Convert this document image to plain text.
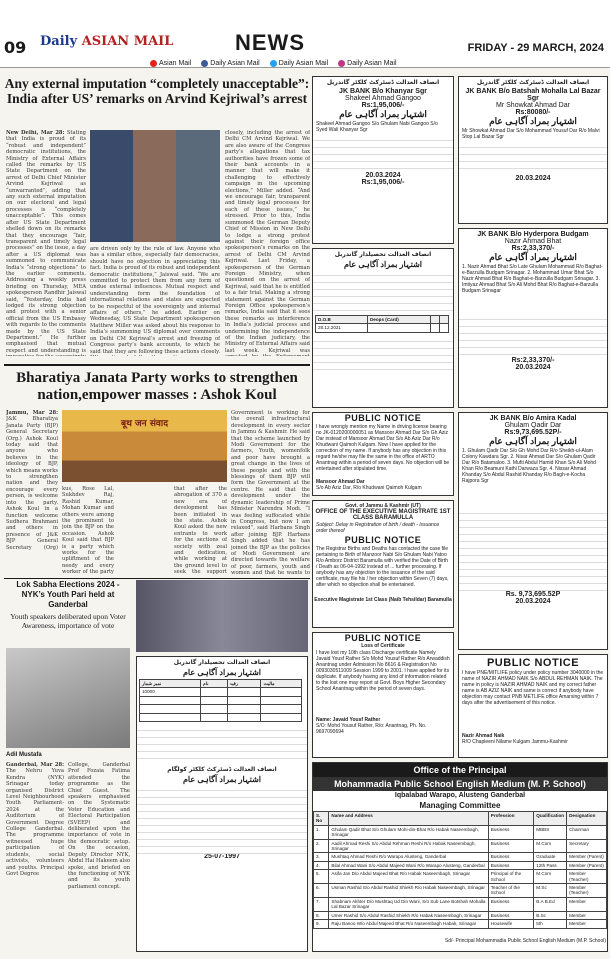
09 Daily ASIAN MAIL	NEWS	FRIDAY - 29 MARCH, 2024
Asian Mail	Daily Asian Mail	Daily Asian Mail	Daily Asian Mail
Any external imputation “completely unacceptable”: India after US’ remarks on Arvind Kejriwal’s arrest
New Delhi, Mar 28: Stating that India is proud of its “robust and independent” democratic institutions, the Ministry of External Affairs called the remarks by US State Department on the arrest of Delhi Chief Minister Arvind Kejriwal as “unwarranted”, adding that any such external imputation on our electoral and legal processes is “completely unacceptable”. This comes after US State Department shelled down on its remarks that they encourage “fair, transparent and timely legal processes” on the issue, a day after a US diplomat was summoned to communicate India’s “strong objections” to the earlier comments. Addressing a weekly press briefing on Thursday, MEA spokesperson Randhir Jaiswal said, “Yesterday, India had lodged its strong objection and protest with a senior official from the US Embassy with regards to the comments made by the US State Department.” He further emphasised that mutual respect and understanding is
are driven only by the rule of law. Anyone who has a similar ethos, especially fair democracies, should have no objection in appreciating this fact. India is proud of its robust and independent democratic institutions,” Jaiswal said. “We are committed to protect them from any form of undue external influences. Mutual respect and understanding form the foundation of international relations and states are expected to be respectful of the sovereignty and internal affairs of others,” he added. Earlier on Wednesday, US State Department spokesperson Matthew Miller was asked about his response to India’s summoning US diplomat over comments on Delhi CM Kejriwal’s arrest and freezing of Congress party’s bank accounts, to which he said that they are following these actions closely.
closely, including the arrest of Delhi CM Arvind Kejriwal. We are also aware of the Congress party’s allegations that tax authorities have frozen some of their bank accounts in a manner that will make it challenging to effectively campaign in the upcoming elections,” Miller added. “And we encourage fair, transparent and timely legal processes for each of these issues,” he stressed. Prior to this, India summoned the German Deputy Chief of Mission in New Delhi to lodge a strong protest against their foreign office spokesperson’s remarks on the arrest of Delhi CM Arvind Kejriwal. Last Friday, a spokesperson of the German Foreign Ministry, when questioned on the arrest of Kejriwal, said that he is entitled to a fair trial. Making a strong statement against the German Foreign Office spokesperson’s remarks, India said that it sees these remarks as interference in India’s judicial process and undermining the independence of the Indian judiciary, the Ministry of External Affairs said last week. Kejriwal was
Bharatiya Janata Party works to strengthen nation,empower masses : Ashok Koul
Jammu, Mar 28: J&K Bharatiya Janata Party (BJP) General Secretary (Org.) Ashok Koul today said that anyone who believes in the ideology of BJP, which means works to strengthen nation and they encourage every person, is welcome into the party. Ashok Koul in a function welcome Sudhera Brahmani and others in presence of J&K BJP General Secretary (Org)
बूथ जन संवाद
kus, Rose Lal, Sukhdev Raj, Rashid Kumar, Mohan Kumar and others were among the prominent to join the BJP on the occasion. Ashok Koul said that BJP is a party which works for the upliftment of the needy and every worker of the party
that after the abrogation of 370 a new era of development has been initiated in the state. Ashok Koul asked the new entrants to work for the sections of society with zeal and dedication, while working at the ground level to seek the support
Government is working for the overall infrastructural development in every sector in Jammu & Kashmir. He said that the scheme launched by Modi Government for the farmers, Youth, womenfolk and poor have brought a great change in the lives of these people and with the blessings of them BJP will form the Government at the centre. He said that the development under the dynamic leadership of Prime Minister Narendra Modi. “I was feeling suffocated while in Congress, but now I am relaxed”, said Harbans Singh after joining BJP. Harbans Singh added that he has joined the BJP as the policies of Modi Government are directed towards the welfare of poor, farmers, youth and women and that he wants to
Lok Sabha Elections 2024 - NYK’s Youth Pari held at Ganderbal
Youth speakers deliberated upon Voter Awareness, importance of vote
Adil Mustafa
Ganderbal, Mar 28: The Nehru Yuva Kendra (NYK) Srinagar today organised District Level Neighbourhood Youth Parliament-2024 at the Auditorium of Government Degree College Ganderbal. The programme witnessed huge participation of students, social activists, volunteers and youths. Principal Govt Degree
College, Ganderbal Prof Fozaia Fatima attended the programme as the Chief Guest. The speakers emphasised on the Systematic Voter Education and Electoral Participation (SVEEP) and deliberated upon the importance of vote in the democratic setup. On the occasion, Deputy Director NYK, Abdul Hai Hakeem also spoke, and briefed on the functioning of NYK and its youth parliament concept.
انصاف العدالت تحصیلدار گاندربل
اشتہار بمراد آگاہی عام
نمبر شمار	نام	رقبہ	مالیت
10000			

انصاف العدالت ڈسٹرکٹ کلکٹر کولگام
اشتہار بمراد آگاہی عام
25-07-1997
انصاف العدالت ڈسٹرکٹ کلکٹر گاندربل
JK BANK B/o Khanyar Sgr
Shakeel Ahmad Gangoo
Rs:1,95,006/-
اشتہار بمراد آگاہی عام
Shakeel Ahmad Gangoo S/o Ghulam Nabi Gangoo S/o Syed Wali Khanyar Sgr
20.03.2024
Rs:1,95,006/-
انصاف العدالت تحصیلدار گاندربل
اشتہار بمراد آگاہی عام
D.O.B	Deops (Card)		
28.12.2021			
PUBLIC NOTICE
I have wrongly mention my Name in driving license bearing no JK-0120200000051 as Mansoor Ahmad Dar S/o Gh Aziz Dar instead of Mansoor Ahmad Dar S/o Ab Aziz Dar R/o Khudwani Qaimoh Kulgam. Now I have applied for the correction of my name. If anybody has any objection in this regard he/she may file the same in the office of ARTO Anantnag within a period of seven days. No objection will be entertained after stipulated time.
Mansoor Ahmad Dar
S/o Ab Aziz Dar, R/o Khudwani Qaimoh Kulgam
Govt. of Jammu & Kashmir (UT)
OFFICE OF THE EXECUTIVE MAGISTRATE 1ST CLASS BARAMULLA
Subject: Delay in Registration of birth / death - issuance order thereof
PUBLIC NOTICE
The Registrar Births and Deaths has contacted the case file pertaining to Birth of Manzoor Nabi S/o Ghulam Nabi Yatoo R/o Amborz District Baramulla with verified the Date of Birth / Death as 06-04-1992 instead of ... further processing. If anybody has any objection to the issuance of the said certificate, may file his / her objection within Seven (7) days, after which no objection shall be entertained.
Executive Magistrate 1st Class (Naib Tehsildar) Baramulla
PUBLIC NOTICE
Loss of Certificate
I have lost my 10th class Discharge certificate Namely Javaid Yousf Rather S/o Mohd Yousuf Rather R/o Arwaddish Anantnag under Admission No 8616 & Registration No 0093030511009 Session 1999 to 2001. I have applied for its duplicate. If anybody having any kind of information related to the lost one may report at Govt. Boys Higher Secondary School Anantnag within the period of seven days.
Name: Javaid Yousf Rather
S/O: Mohd Yousuf Rather, R/o: Anantnag, Ph. No. 9697090694
انصاف العدالت ڈسٹرکٹ کلکٹر گاندربل
JK BANK B/o Batshah Mohalla Lal Bazar Sgr
Mr Showkat Ahmad Dar
Rs:80080/-
اشتہار بمراد آگاہی عام
Mr Showkat Ahmad Dar S/o Mohammad Yousuf Dar R/o Malvi Stop Lal Bazar Sgr
20.03.2024
JK BANK B/o Hyderpora Budgam
Nazir Ahmad Bhat
Rs:2,33,370/-
اشتہار بمراد آگاہی عام
1. Nazir Ahmad Bhat S/o Late Ghulam Mohammad R/o Baghat-e-Barzulla Budgam Srinagar. 2. Mohammad Umar Bhat S/o Nazir Ahmad Bhat R/o Baghat-e-Barzulla Budgam Srinagar. 3. Imtiyaz Ahmad Bhat S/o Ali Mohd Bhat R/o Baghat-e-Barzulla Budgam Srinagar
Rs:2,33,370/-
20.03.2024
JK BANK B/o Amira Kadal
Ghulam Qadir Dar
Rs:9,73,695.52P/-
اشتہار بمراد آگاہی عام
1. Ghulam Qadir Dar S/o Gh Mohd Dar R/o Sheikh-ul-Alam Colony Kawdara Sgr. 2. Nisar Ahmad Dar S/o Ghulam Qadir Dar R/o Batamaloo. 3. Mufti Abdul Hamid Khan S/o Ali Mohd Khan R/o Beamuni Kathi Darwaza Sgr. 4. Nissar Ahmad Khanday S/o Abdul Rashid Khanday R/o Bagh-e-Kocha Rajpora Sgr
Rs. 9,73,695.52P
20.03.2024
PUBLIC NOTICE
I have PNE/MITLIFE policy under policy number 3040000 in the name of NAZIR AHMAD NAIK S/o ABDUL REHMAN NAIK. The name in policy is NAZIR AHMAD NAIK and my correct father name is AB AZIZ NAIK and same is correct if anybody have objection may contact PNB METLIFE office Amarsing within 7 days after the advertisement of this notice.
Nazir Ahmad Naik
R/O Chapleeni Nilame Kulgam Jammu-Kashmir
Office of the Principal
Mohammadia Public School English Medium (M. P. School)
Iqbalabad Warapo, Alusteng Ganderbal
Managing Committee
S. No	Name and Address	Profession	Qualification	Designation
1.	Ghulam Qadir Bhat S/o Ghulam Mohi-din-Bhat R/o Habak Naseembagh, Srinagar	Business	MBBS	Chairman
2.	Aadil Ahmad Reshi S/o Abdul Rehman Reshi R/o Habak Naseembagh, Srinagar	Business	M.Com	Secretary
3.	Mushtaq Ahmad Reshi R/o Warapo Alusteng, Ganderbal	Business	Graduate	Member (Parent)
4.	Bilal Ahmad Wani S/o Abdul Majeed Wani R/o Warapo Alusteng, Ganderbal	Business	12th Pass	Member (Parent)
5.	Asifa Jan D/o Abdul Majeed Bhat R/o Habak Naseembagh, Srinagar	Principal of the School	M.Com	Member (Teacher)
6.	Usman Rashid S/o Abdul Rashid Shiekh R/o Habak Naseembagh, Srinagar	Teacher of the School	M.Sc	Member (Teacher)
7.	Shabnam Akhter D/o Mushtaq Ud Din Wani, S/o Sub Lane Botshah Mohalla Lal Bazar Srinagar	Business	B.A B.Ed	Member
8.	Umer Rashid S/o Abdul Rashid Shiekh R/o Habak Naseembagh, Srinagar	Business	B.Sc	Member
9.	Raju Banoo W/o Abdul Majeed Bhat R/o Naseembagh Habak, Srinagar	Housewife	5th	Member
Sd/- Principal Mohammadia Public School English Medium (M.P. School)
